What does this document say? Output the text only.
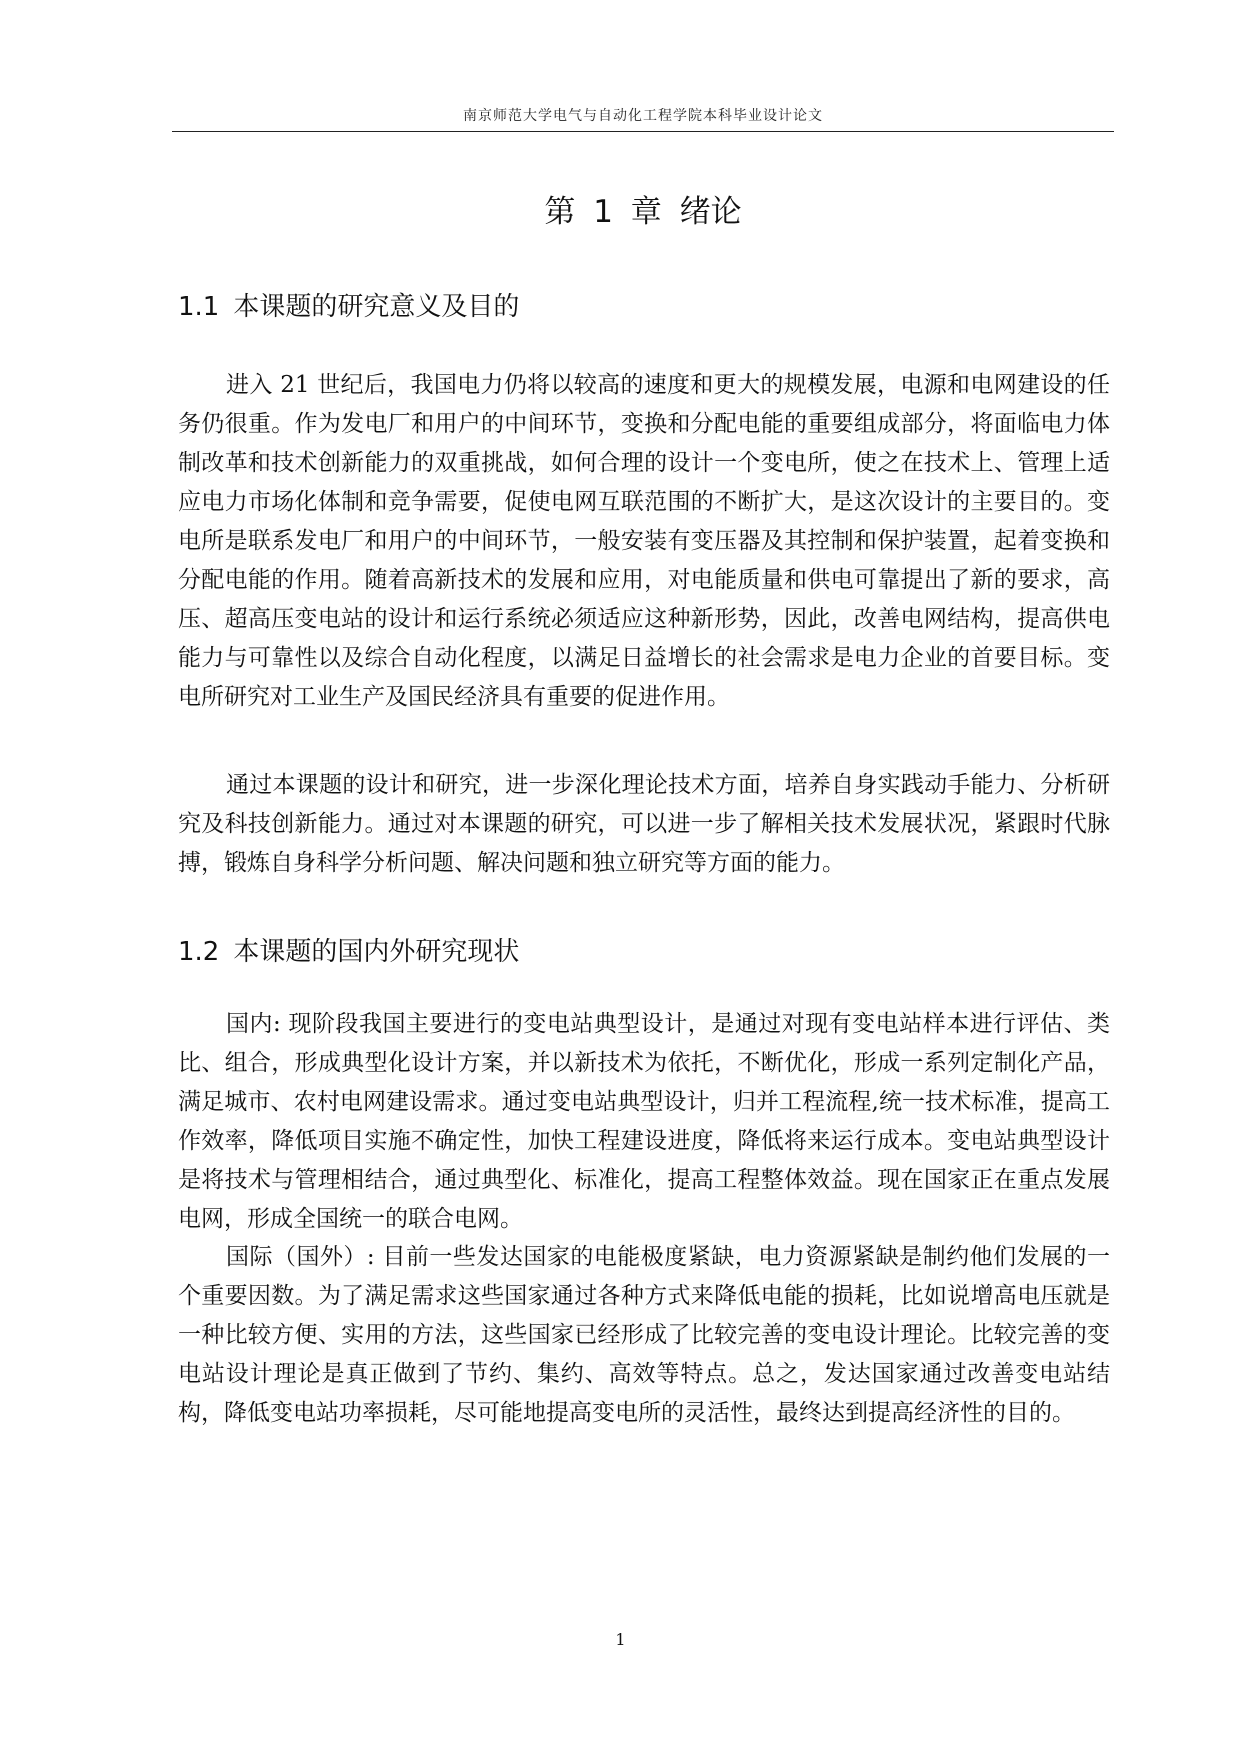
南京师范大学电气与自动化工程学院本科毕业设计论文
第 1 章 绪论
1.1 本课题的研究意义及目的

进入 21 世纪后，我国电力仍将以较高的速度和更大的规模发展，电源和电网建设的任务仍很重。作为发电厂和用户的中间环节，变换和分配电能的重要组成部分，将面临电力体制改革和技术创新能力的双重挑战，如何合理的设计一个变电所，使之在技术上、管理上适应电力市场化体制和竞争需要，促使电网互联范围的不断扩大，是这次设计的主要目的。变电所是联系发电厂和用户的中间环节，一般安装有变压器及其控制和保护装置，起着变换和分配电能的作用。随着高新技术的发展和应用，对电能质量和供电可靠提出了新的要求，高压、超高压变电站的设计和运行系统必须适应这种新形势，因此，改善电网结构，提高供电能力与可靠性以及综合自动化程度，以满足日益增长的社会需求是电力企业的首要目标。变电所研究对工业生产及国民经济具有重要的促进作用。

通过本课题的设计和研究，进一步深化理论技术方面，培养自身实践动手能力、分析研究及科技创新能力。通过对本课题的研究，可以进一步了解相关技术发展状况，紧跟时代脉搏，锻炼自身科学分析问题、解决问题和独立研究等方面的能力。

1.2 本课题的国内外研究现状

国内: 现阶段我国主要进行的变电站典型设计，是通过对现有变电站样本进行评估、类比、组合，形成典型化设计方案，并以新技术为依托，不断优化，形成一系列定制化产品，满足城市、农村电网建设需求。通过变电站典型设计，归并工程流程,统一技术标准，提高工作效率，降低项目实施不确定性，加快工程建设进度，降低将来运行成本。变电站典型设计是将技术与管理相结合，通过典型化、标准化，提高工程整体效益。现在国家正在重点发展电网，形成全国统一的联合电网。

国际（国外）: 目前一些发达国家的电能极度紧缺，电力资源紧缺是制约他们发展的一个重要因数。为了满足需求这些国家通过各种方式来降低电能的损耗，比如说增高电压就是一种比较方便、实用的方法，这些国家已经形成了比较完善的变电设计理论。比较完善的变电站设计理论是真正做到了节约、集约、高效等特点。总之，发达国家通过改善变电站结构，降低变电站功率损耗，尽可能地提高变电所的灵活性，最终达到提高经济性的目的。

1
